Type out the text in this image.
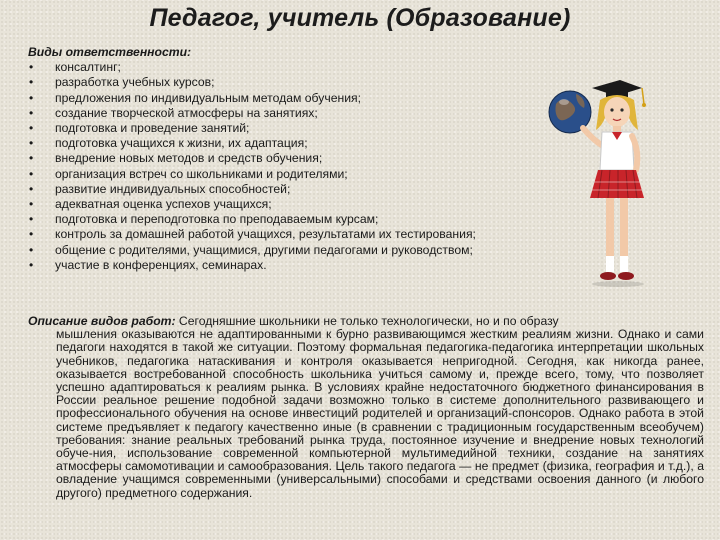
Педагог, учитель (Образование)
Виды ответственности:
• консалтинг;
• разработка учебных курсов;
• предложения по индивидуальным методам обучения;
• создание творческой атмосферы на занятиях;
• подготовка и проведение занятий;
• подготовка учащихся к жизни, их адаптация;
• внедрение новых методов и средств обучения;
• организация встреч со школьниками и родителями;
• развитие индивидуальных способностей;
• адекватная оценка успехов учащихся;
• подготовка и переподготовка по преподаваемым курсам;
• контроль за домашней работой учащихся, результатами их тестирования;
• общение с родителями, учащимися, другими педагогами и руководством;
• участие в конференциях, семинарах.
Описание видов работ: Сегодняшние школьники не только технологически, но и по образу
мышления оказываются не адаптированными к бурно развивающимся жестким реалиям жизни. Однако и сами педагоги находятся в такой же ситуации. Поэтому формальная педагогика-педагогика интерпретации школьных учебников, педагогика натаскивания и контроля оказывается непригодной. Сегодня, как никогда ранее, оказывается востребованной способность школьника учиться самому и, прежде всего, тому, что позволяет успешно адаптироваться к реалиям рынка. В условиях крайне недостаточного бюджетного финансирования в России реальное решение подобной задачи возможно только в системе дополнительного развивающего и профессионального обучения на основе инвестиций родителей и организаций-спонсоров. Однако работа в этой системе предъявляет к педагогу качественно иные (в сравнении с традиционным государственным всеобучем) требования: знание реальных требований рынка труда, постоянное изучение и внедрение новых технологий обуче-ния, использование современной компьютерной мультимедийной техники, создание на занятиях атмосферы самомотивации и самообразования. Цель такого педагога — не предмет (физика, география и т.д.), а овладение учащимся современными (универсальными) способами и средствами освоения данного (и любого другого) предметного содержания.
